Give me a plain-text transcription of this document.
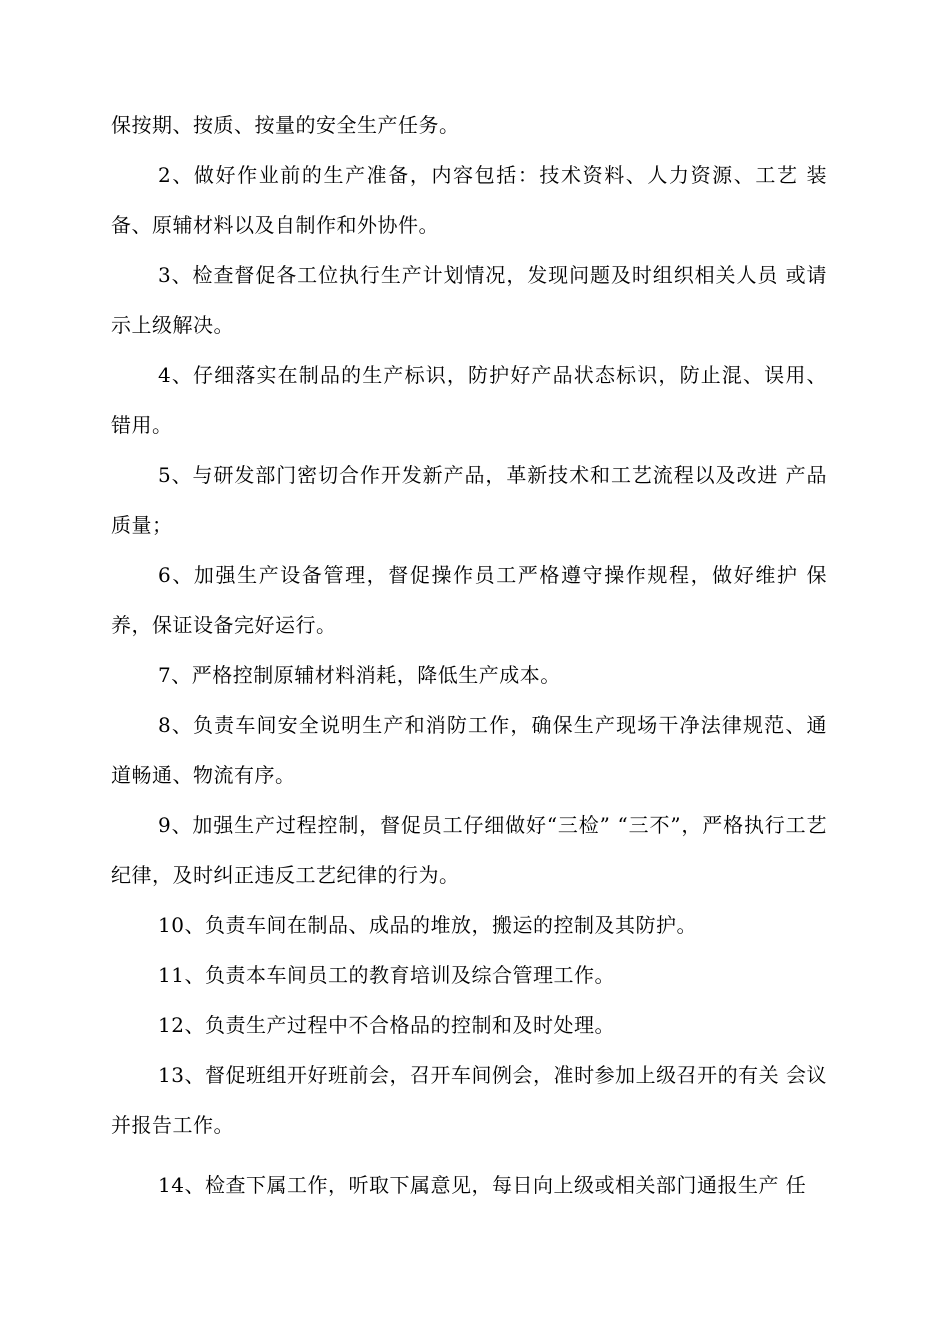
保按期、按质、按量的安全生产任务。

2、做好作业前的生产准备，内容包括：技术资料、人力资源、工艺 装备、原辅材料以及自制作和外协件。

3、检查督促各工位执行生产计划情况，发现问题及时组织相关人员 或请示上级解决。

4、仔细落实在制品的生产标识，防护好产品状态标识，防止混、误用、错用。

5、与研发部门密切合作开发新产品，革新技术和工艺流程以及改进 产品质量；

6、加强生产设备管理，督促操作员工严格遵守操作规程，做好维护 保养，保证设备完好运行。

7、严格控制原辅材料消耗，降低生产成本。

8、负责车间安全说明生产和消防工作，确保生产现场干净法律规范、通道畅通、物流有序。

9、加强生产过程控制，督促员工仔细做好“三检” “三不”，严格执行工艺纪律，及时纠正违反工艺纪律的行为。

10、负责车间在制品、成品的堆放，搬运的控制及其防护。

11、负责本车间员工的教育培训及综合管理工作。

12、负责生产过程中不合格品的控制和及时处理。

13、督促班组开好班前会，召开车间例会，准时参加上级召开的有关 会议并报告工作。

14、检查下属工作，听取下属意见，每日向上级或相关部门通报生产 任
